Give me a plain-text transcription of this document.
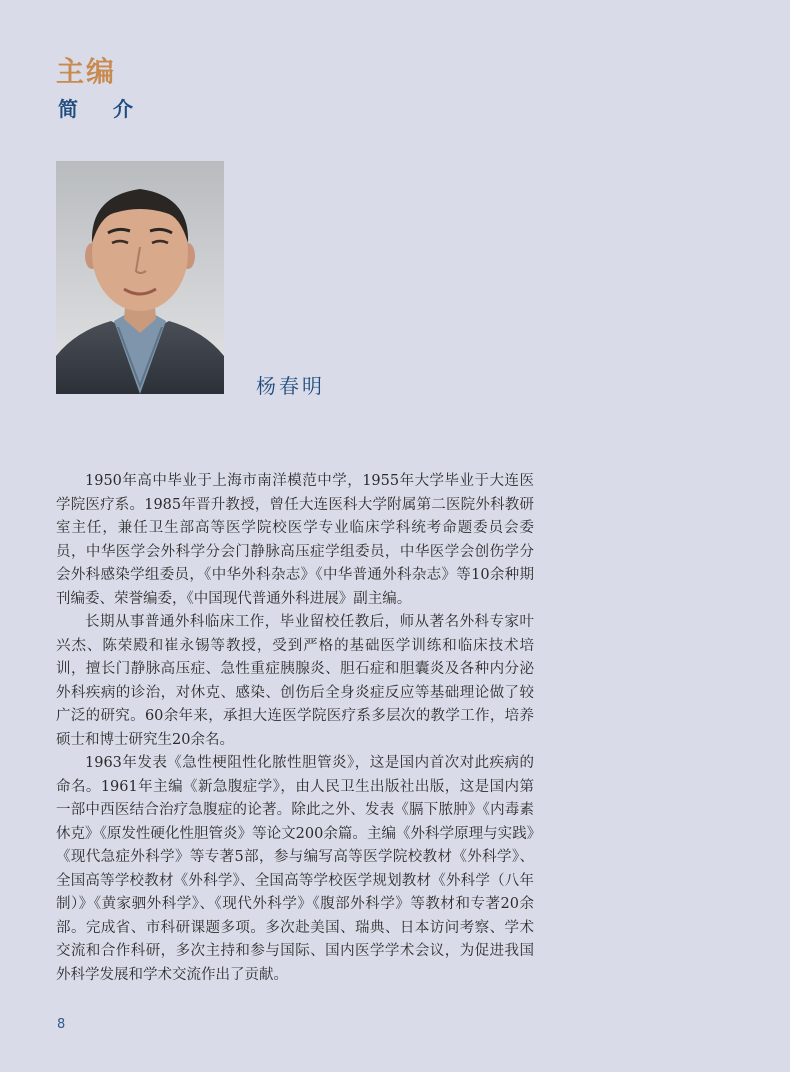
主编
简 介
杨春明

1950年高中毕业于上海市南洋模范中学，1955年大学毕业于大连医学院医疗系。1985年晋升教授，曾任大连医科大学附属第二医院外科教研室主任，兼任卫生部高等医学院校医学专业临床学科统考命题委员会委员，中华医学会外科学分会门静脉高压症学组委员，中华医学会创伤学分会外科感染学组委员，《中华外科杂志》《中华普通外科杂志》等10余种期刊编委、荣誉编委，《中国现代普通外科进展》副主编。

长期从事普通外科临床工作，毕业留校任教后，师从著名外科专家叶兴杰、陈荣殿和崔永锡等教授，受到严格的基础医学训练和临床技术培训，擅长门静脉高压症、急性重症胰腺炎、胆石症和胆囊炎及各种内分泌外科疾病的诊治，对休克、感染、创伤后全身炎症反应等基础理论做了较广泛的研究。60余年来，承担大连医学院医疗系多层次的教学工作，培养硕士和博士研究生20余名。

1963年发表《急性梗阻性化脓性胆管炎》，这是国内首次对此疾病的命名。1961年主编《新急腹症学》，由人民卫生出版社出版，这是国内第一部中西医结合治疗急腹症的论著。除此之外、发表《膈下脓肿》《内毒素休克》《原发性硬化性胆管炎》等论文200余篇。主编《外科学原理与实践》《现代急症外科学》等专著5部，参与编写高等医学院校教材《外科学》、全国高等学校教材《外科学》、全国高等学校医学规划教材《外科学（八年制）》《黄家驷外科学》、《现代外科学》《腹部外科学》等教材和专著20余部。完成省、市科研课题多项。多次赴美国、瑞典、日本访问考察、学术交流和合作科研，多次主持和参与国际、国内医学学术会议，为促进我国外科学发展和学术交流作出了贡献。

8
